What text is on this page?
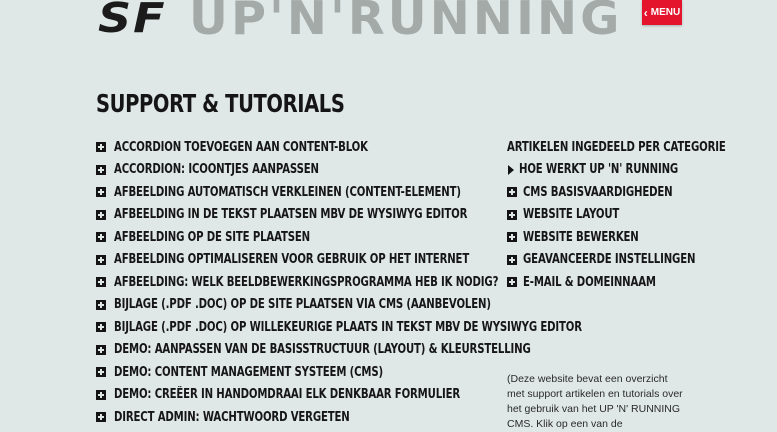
SF UP'N'RUNNING ‹ MENU
SUPPORT & TUTORIALS
ACCORDION TOEVOEGEN AAN CONTENT-BLOK
ACCORDION: ICOONTJES AANPASSEN
AFBEELDING AUTOMATISCH VERKLEINEN (CONTENT-ELEMENT)
AFBEELDING IN DE TEKST PLAATSEN MBV DE WYSIWYG EDITOR
AFBEELDING OP DE SITE PLAATSEN
AFBEELDING OPTIMALISEREN VOOR GEBRUIK OP HET INTERNET
AFBEELDING: WELK BEELDBEWERKINGSPROGRAMMA HEB IK NODIG?
BIJLAGE (.PDF .DOC) OP DE SITE PLAATSEN VIA CMS (AANBEVOLEN)
BIJLAGE (.PDF .DOC) OP WILLEKEURIGE PLAATS IN TEKST MBV DE WYSIWYG EDITOR
DEMO: AANPASSEN VAN DE BASISSTRUCTUUR (LAYOUT) & KLEURSTELLING
DEMO: CONTENT MANAGEMENT SYSTEEM (CMS)
DEMO: CREËER IN HANDOMDRAAI ELK DENKBAAR FORMULIER
DIRECT ADMIN: WACHTWOORD VERGETEN
ARTIKELEN INGEDEELD PER CATEGORIE
HOE WERKT UP 'N' RUNNING
CMS BASISVAARDIGHEDEN
WEBSITE LAYOUT
WEBSITE BEWERKEN
GEAVANCEERDE INSTELLINGEN
E-MAIL & DOMEINNAAM

(Deze website bevat een overzicht met support artikelen en tutorials over het gebruik van het UP 'N' RUNNING CMS. Klik op een van de
